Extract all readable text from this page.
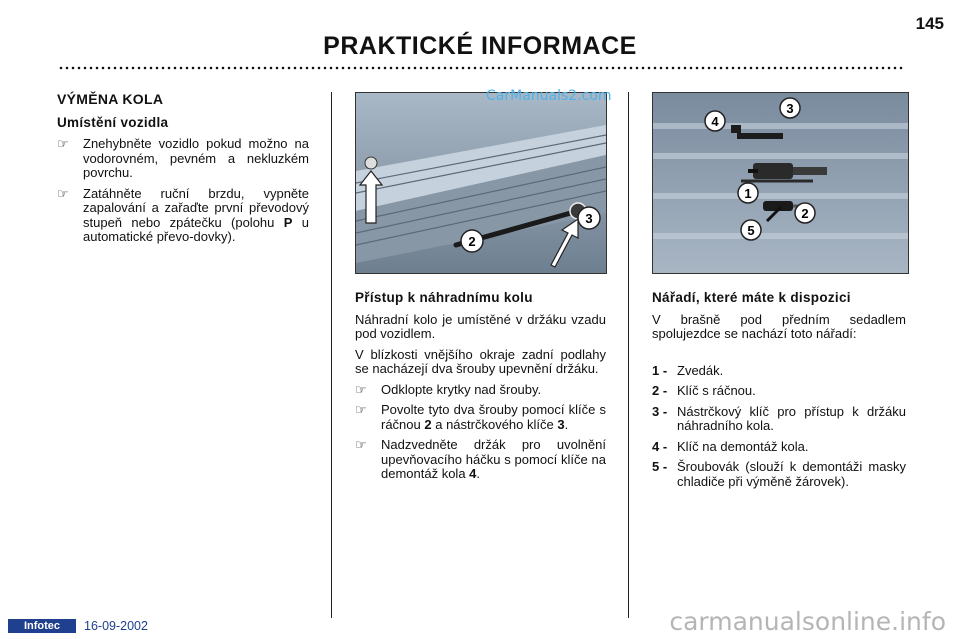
145
PRAKTICKÉ INFORMACE
VÝMĚNA KOLA
Umístění vozidla
☞	Znehybněte vozidlo pokud možno na vodorovném, pevném a nekluzkém povrchu.
☞	Zatáhněte ruční brzdu, vypněte zapalování a zařaďte první převodový stupeň nebo zpátečku (polohu P u automatické převo-dovky).	2
3
CarManuals2.com
Přístup k náhradnímu kolu
Náhradní kolo je umístěné v držáku vzadu pod vozidlem.
V blízkosti vnějšího okraje zadní podlahy se nacházejí dva šrouby upevnění držáku.
☞	Odklopte krytky nad šrouby.
☞	Povolte tyto dva šrouby pomocí klíče s ráčnou 2 a nástrčkového klíče 3.
☞	Nadzvedněte držák pro uvolnění upevňovacího háčku s pomocí klíče na demontáž kola 4.
1
2
3
4
5
Nářadí, které máte k dispozici
V brašně pod předním sedadlem spolujezdce se nachází toto nářadí:
1 - Zvedák.
2 - Klíč s ráčnou.
3 - Nástrčkový klíč pro přístup k držáku náhradního kola.
4 - Klíč na demontáž kola.
5 - Šroubovák (slouží k demontáži masky chladiče při výměně žárovek).
Infotec	16-09-2002	carmanualsonline.info
